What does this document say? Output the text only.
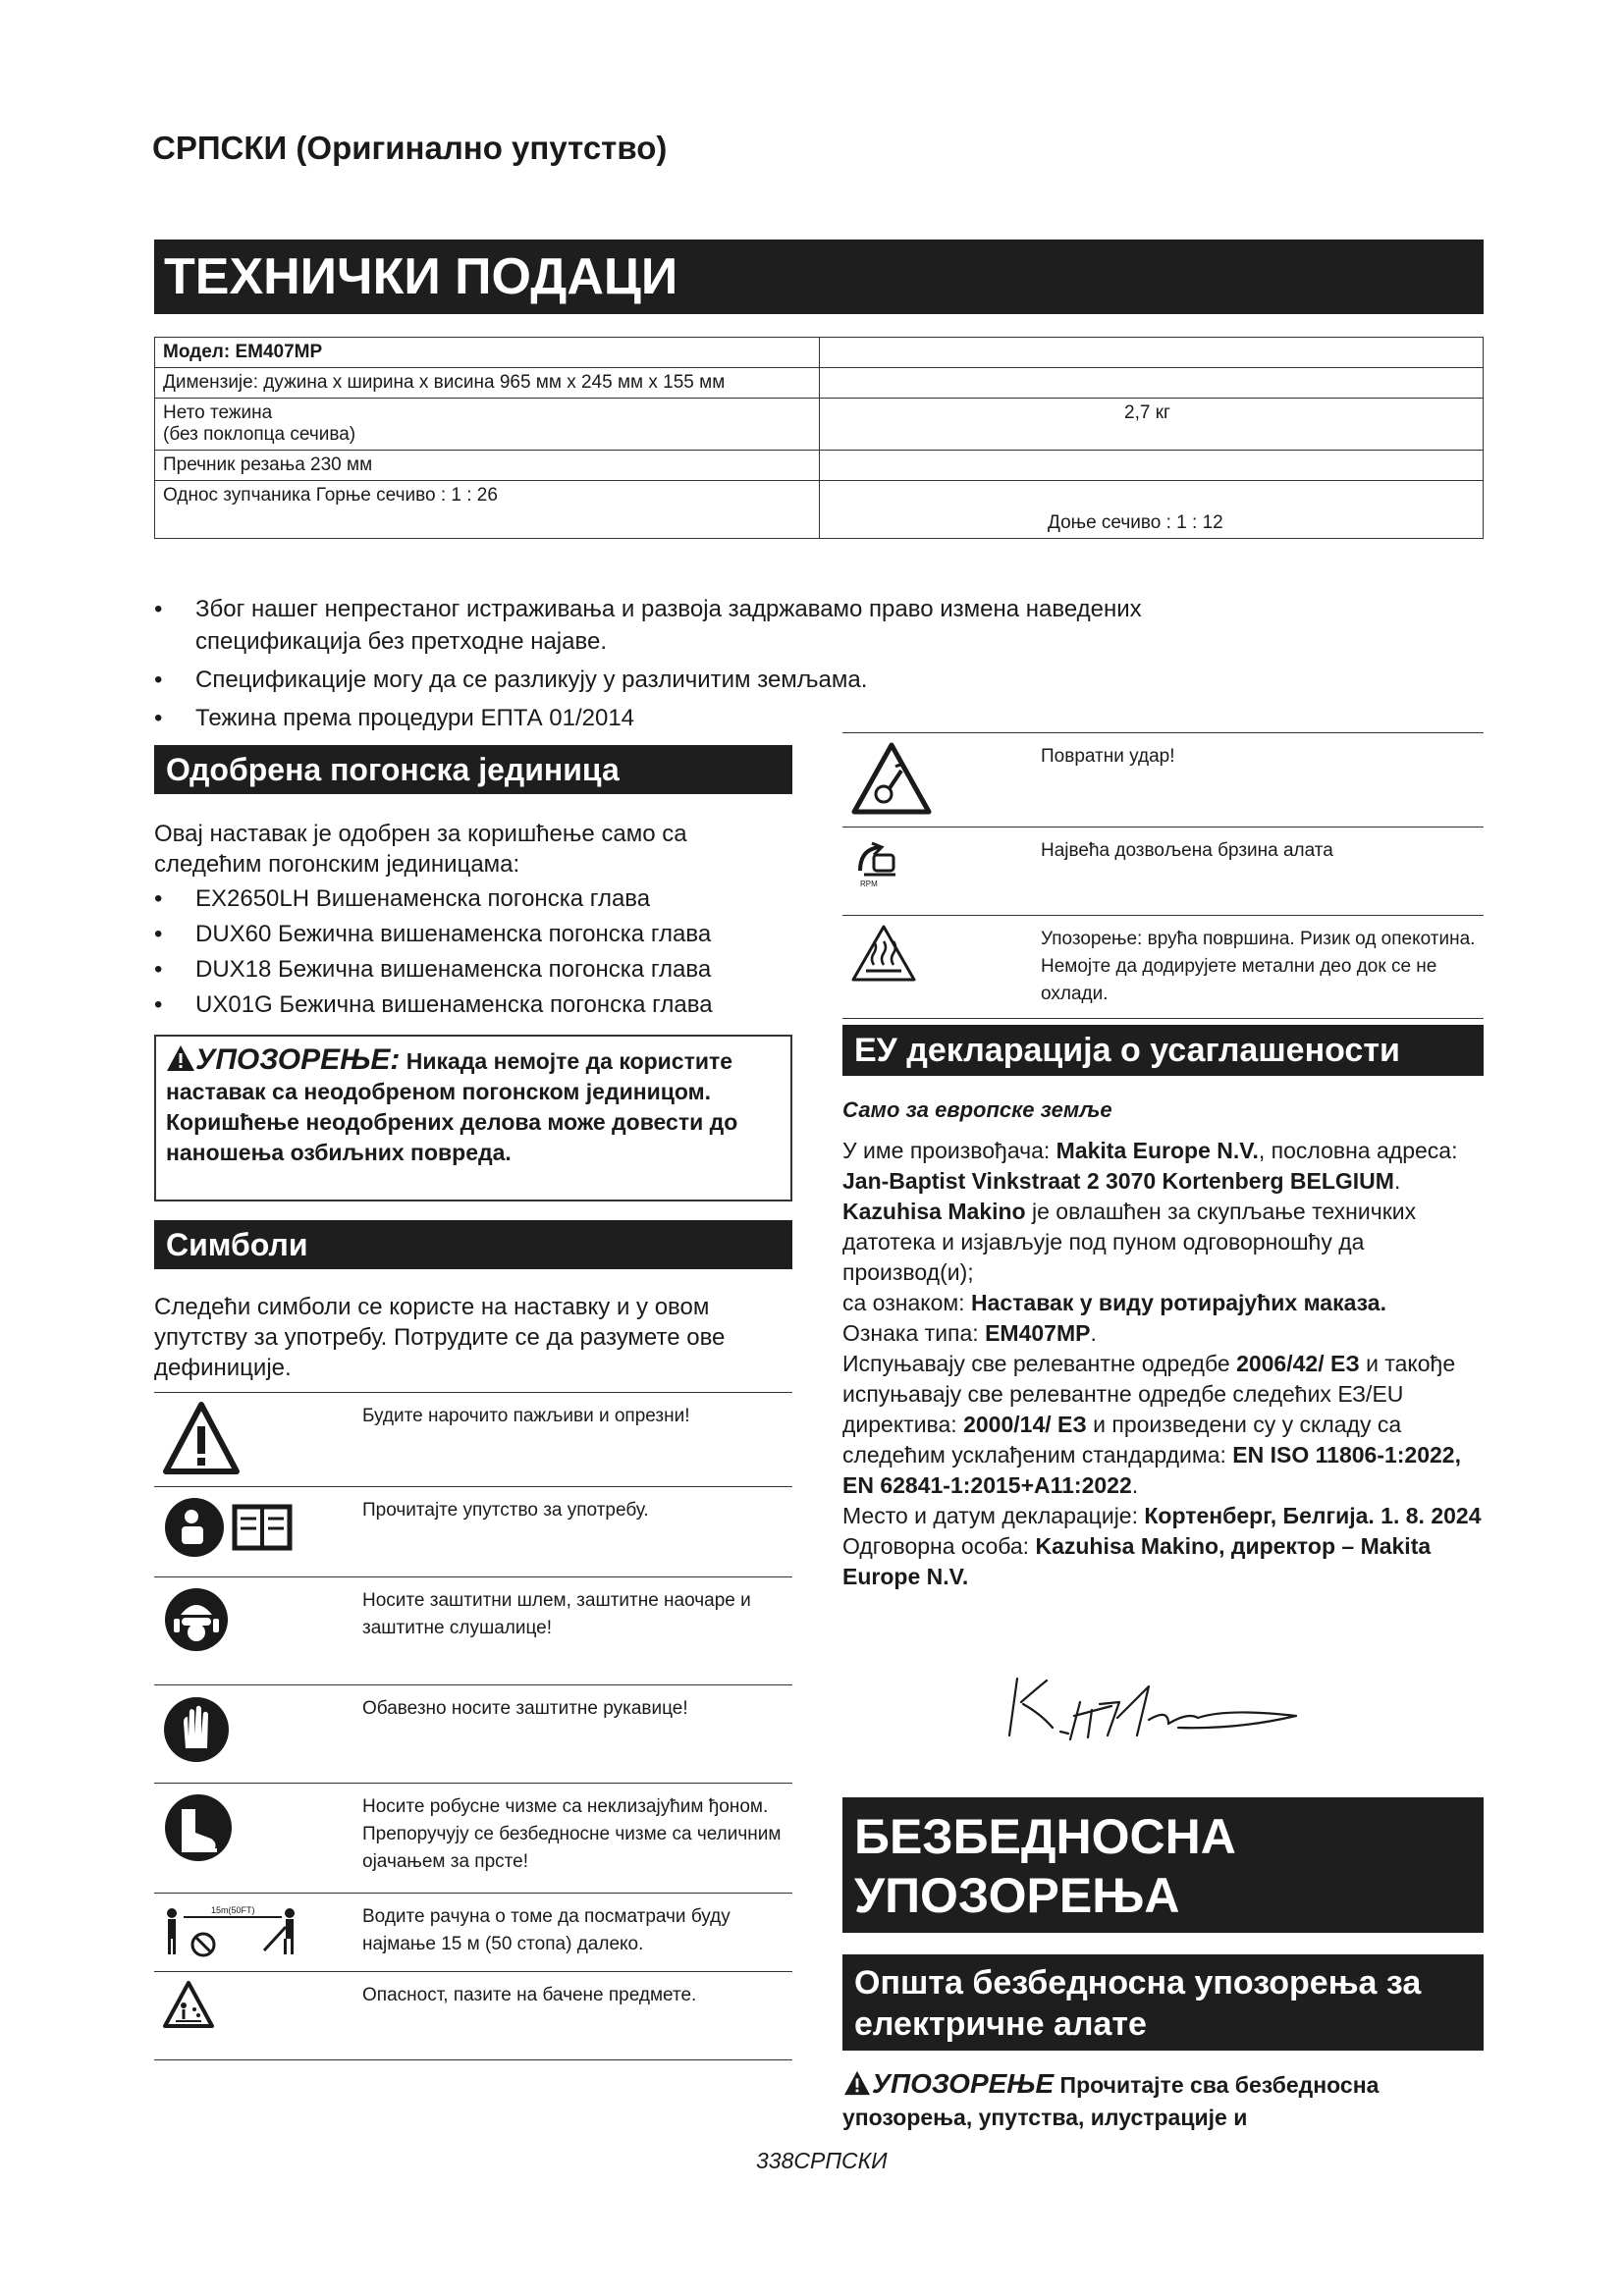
СРПСКИ (Оригинално упутство)
ТЕХНИЧКИ ПОДАЦИ
Модел: EM407MP	
Димензије: дужина x ширина x висина 965 мм x 245 мм x 155 мм	
Нето тежина
(без поклопца сечива)	2,7 кг
Пречник резања 230 мм	
Однос зупчаника Горње сечиво : 1 : 26	Доње сечиво : 1 : 12
• Због нашег непрестаног истраживања и развоја задржавамо право измена наведених спецификација без претходне најаве.
• Спецификације могу да се разликују у различитим земљама.
• Тежина према процедури ЕПТА 01/2014
Одобрена погонска јединица
Овај наставак је одобрен за коришћење само са следећим погонским јединицама:
• EX2650LH Вишенаменска погонска глава
• DUX60 Бежична вишенаменска погонска глава
• DUX18 Бежична вишенаменска погонска глава
• UX01G Бежична вишенаменска погонска глава
УПОЗОРЕЊЕ: Никада немојте да користите наставак са неодобреном погонском јединицом. Коришћење неодобрених делова може довести до наношења озбиљних повреда.
Симболи
Следећи симболи се користе на наставку и у овом упутству за употребу. Потрудите се да разумете ове дефиниције.
	Будите нарочито пажљиви и опрезни!
	Прочитајте упутство за употребу.
	Носите заштитни шлем, заштитне наочаре и заштитне слушалице!
	Обавезно носите заштитне рукавице!
	Носите робусне чизме са неклизајућим ђоном. Препоручују се безбедносне чизме са челичним ојачањем за прсте!

15m(50FT)	Водите рачуна о томе да посматрачи буду најмање 15 м (50 стопа) далеко.
	Опасност, пазите на бачене предмете.
	Повратни удар!

RPM	Највећа дозвољена брзина алата
	Упозорење: врућа површина. Ризик од опекотина. Немојте да додирујете метални део док се не охлади.
ЕУ декларација о усаглашености
Само за европске земље
У име произвођача: Makita Europe N.V., пословна адреса: Jan-Baptist Vinkstraat 2 3070 Kortenberg BELGIUM. Kazuhisa Makino је овлашћен за скупљање техничких датотека и изјављује под пуном одговорношћу да производ(и);
са ознаком: Наставак у виду ротирајућих маказа.
Ознака типа: EM407MP.
Испуњавају све релевантне одредбе 2006/42/ ЕЗ и такође испуњавају све релевантне одредбе следећих ЕЗ/EU директива: 2000/14/ ЕЗ и произведени су у складу са следећим усклађеним стандардима: EN ISO 11806-1:2022, EN 62841-1:2015+A11:2022.
Место и датум декларације: Кортенберг, Белгија. 1. 8. 2024
Одговорна особа: Kazuhisa Makino, директор – Makita Europe N.V.
БЕЗБЕДНОСНА
УПОЗОРЕЊА
Општа безбедносна упозорења за
електричне алате
УПОЗОРЕЊЕ Прочитајте сва безбедносна упозорења, упутства, илустрације и
338СРПСКИ
